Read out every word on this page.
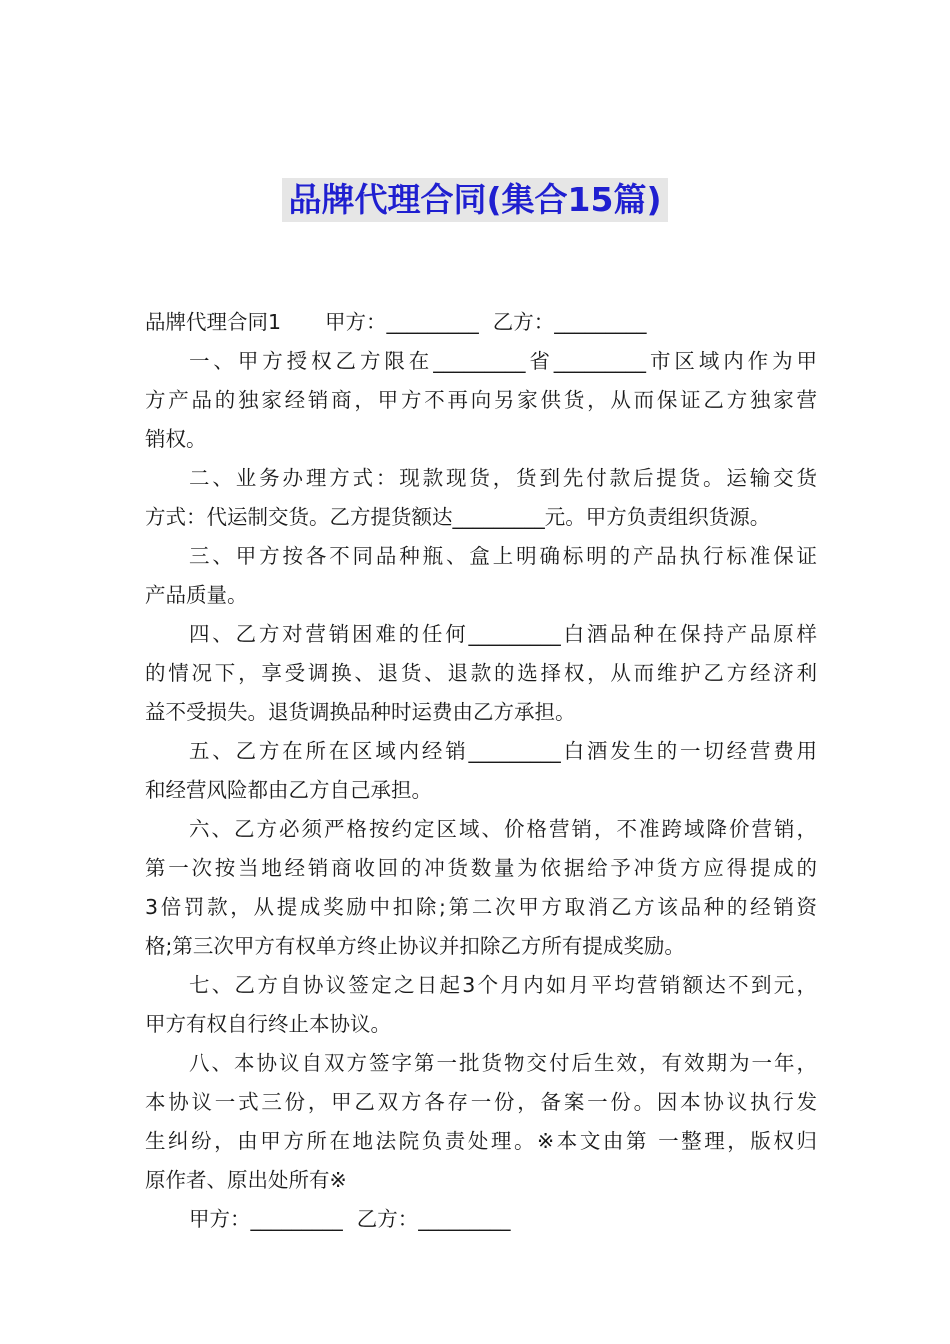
品牌代理合同(集合15篇)
品牌代理合同1 甲方：_________ 乙方：_________
一、甲方授权乙方限在_________省_________市区域内作为甲
方产品的独家经销商，甲方不再向另家供货，从而保证乙方独家营
销权。
二、业务办理方式：现款现货，货到先付款后提货。运输交货
方式：代运制交货。乙方提货额达_________元。甲方负责组织货源。
三、甲方按各不同品种瓶、盒上明确标明的产品执行标准保证
产品质量。
四、乙方对营销困难的任何_________白酒品种在保持产品原样
的情况下，享受调换、退货、退款的选择权，从而维护乙方经济利
益不受损失。退货调换品种时运费由乙方承担。
五、乙方在所在区域内经销_________白酒发生的一切经营费用
和经营风险都由乙方自己承担。
六、乙方必须严格按约定区域、价格营销，不准跨域降价营销，
第一次按当地经销商收回的冲货数量为依据给予冲货方应得提成的
3倍罚款，从提成奖励中扣除;第二次甲方取消乙方该品种的经销资
格;第三次甲方有权单方终止协议并扣除乙方所有提成奖励。
七、乙方自协议签定之日起3个月内如月平均营销额达不到元，
甲方有权自行终止本协议。
八、本协议自双方签字第一批货物交付后生效，有效期为一年，
本协议一式三份，甲乙双方各存一份，备案一份。因本协议执行发
生纠纷，由甲方所在地法院负责处理。※本文由第 一整理，版权归
原作者、原出处所有※
甲方：_________ 乙方：_________
